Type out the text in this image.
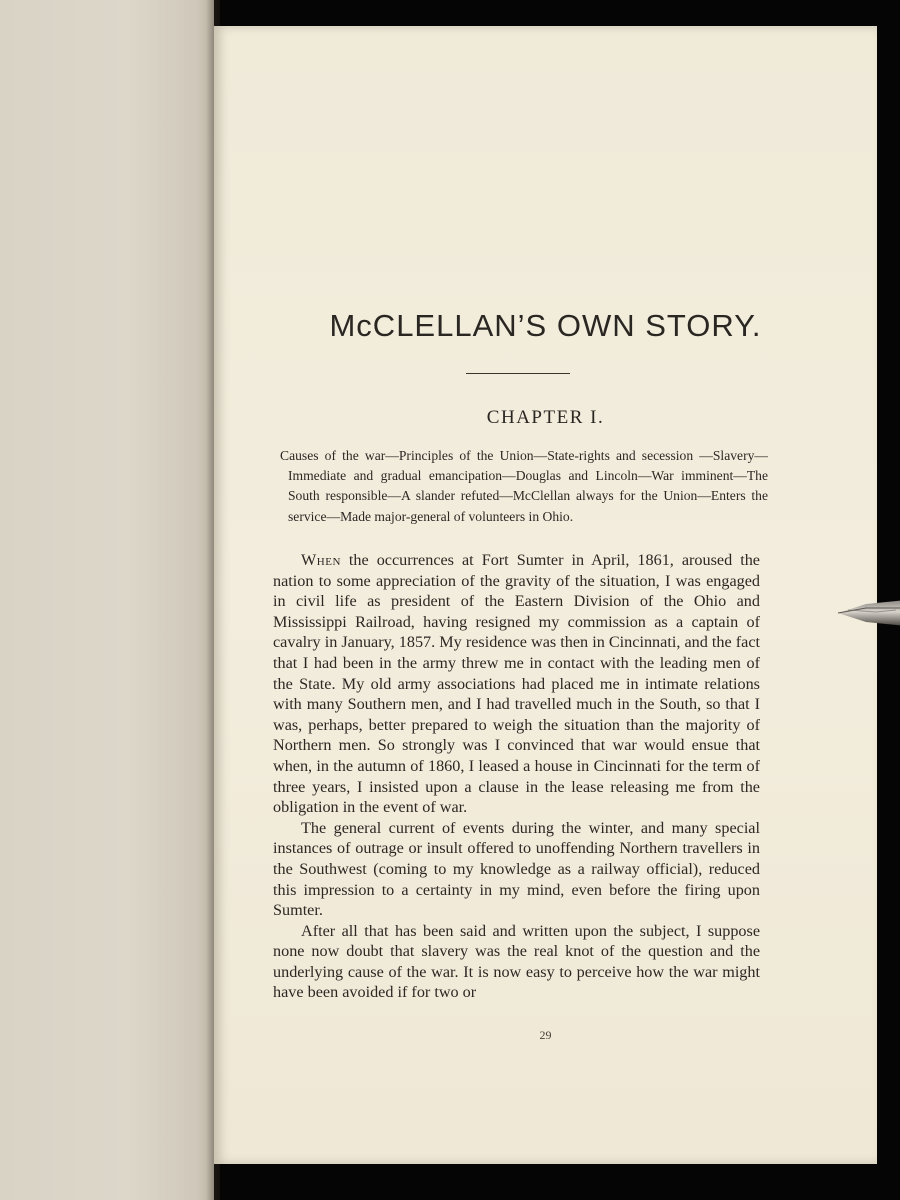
McCLELLAN’S OWN STORY.
CHAPTER I.
Causes of the war—Principles of the Union—State-rights and secession —Slavery—Immediate and gradual emancipation—Douglas and Lincoln—War imminent—The South responsible—A slander refuted—McClellan always for the Union—Enters the service—Made major-general of volunteers in Ohio.

When the occurrences at Fort Sumter in April, 1861, aroused the nation to some appreciation of the gravity of the situation, I was engaged in civil life as president of the Eastern Division of the Ohio and Mississippi Railroad, having resigned my commission as a captain of cavalry in January, 1857. My residence was then in Cincinnati, and the fact that I had been in the army threw me in contact with the leading men of the State. My old army associations had placed me in intimate relations with many Southern men, and I had travelled much in the South, so that I was, perhaps, better prepared to weigh the situation than the majority of Northern men. So strongly was I convinced that war would ensue that when, in the autumn of 1860, I leased a house in Cincinnati for the term of three years, I insisted upon a clause in the lease releasing me from the obligation in the event of war.

The general current of events during the winter, and many special instances of outrage or insult offered to unoffending Northern travellers in the Southwest (coming to my knowledge as a railway official), reduced this impression to a certainty in my mind, even before the firing upon Sumter.

After all that has been said and written upon the subject, I suppose none now doubt that slavery was the real knot of the question and the underlying cause of the war. It is now easy to perceive how the war might have been avoided if for two or

29
